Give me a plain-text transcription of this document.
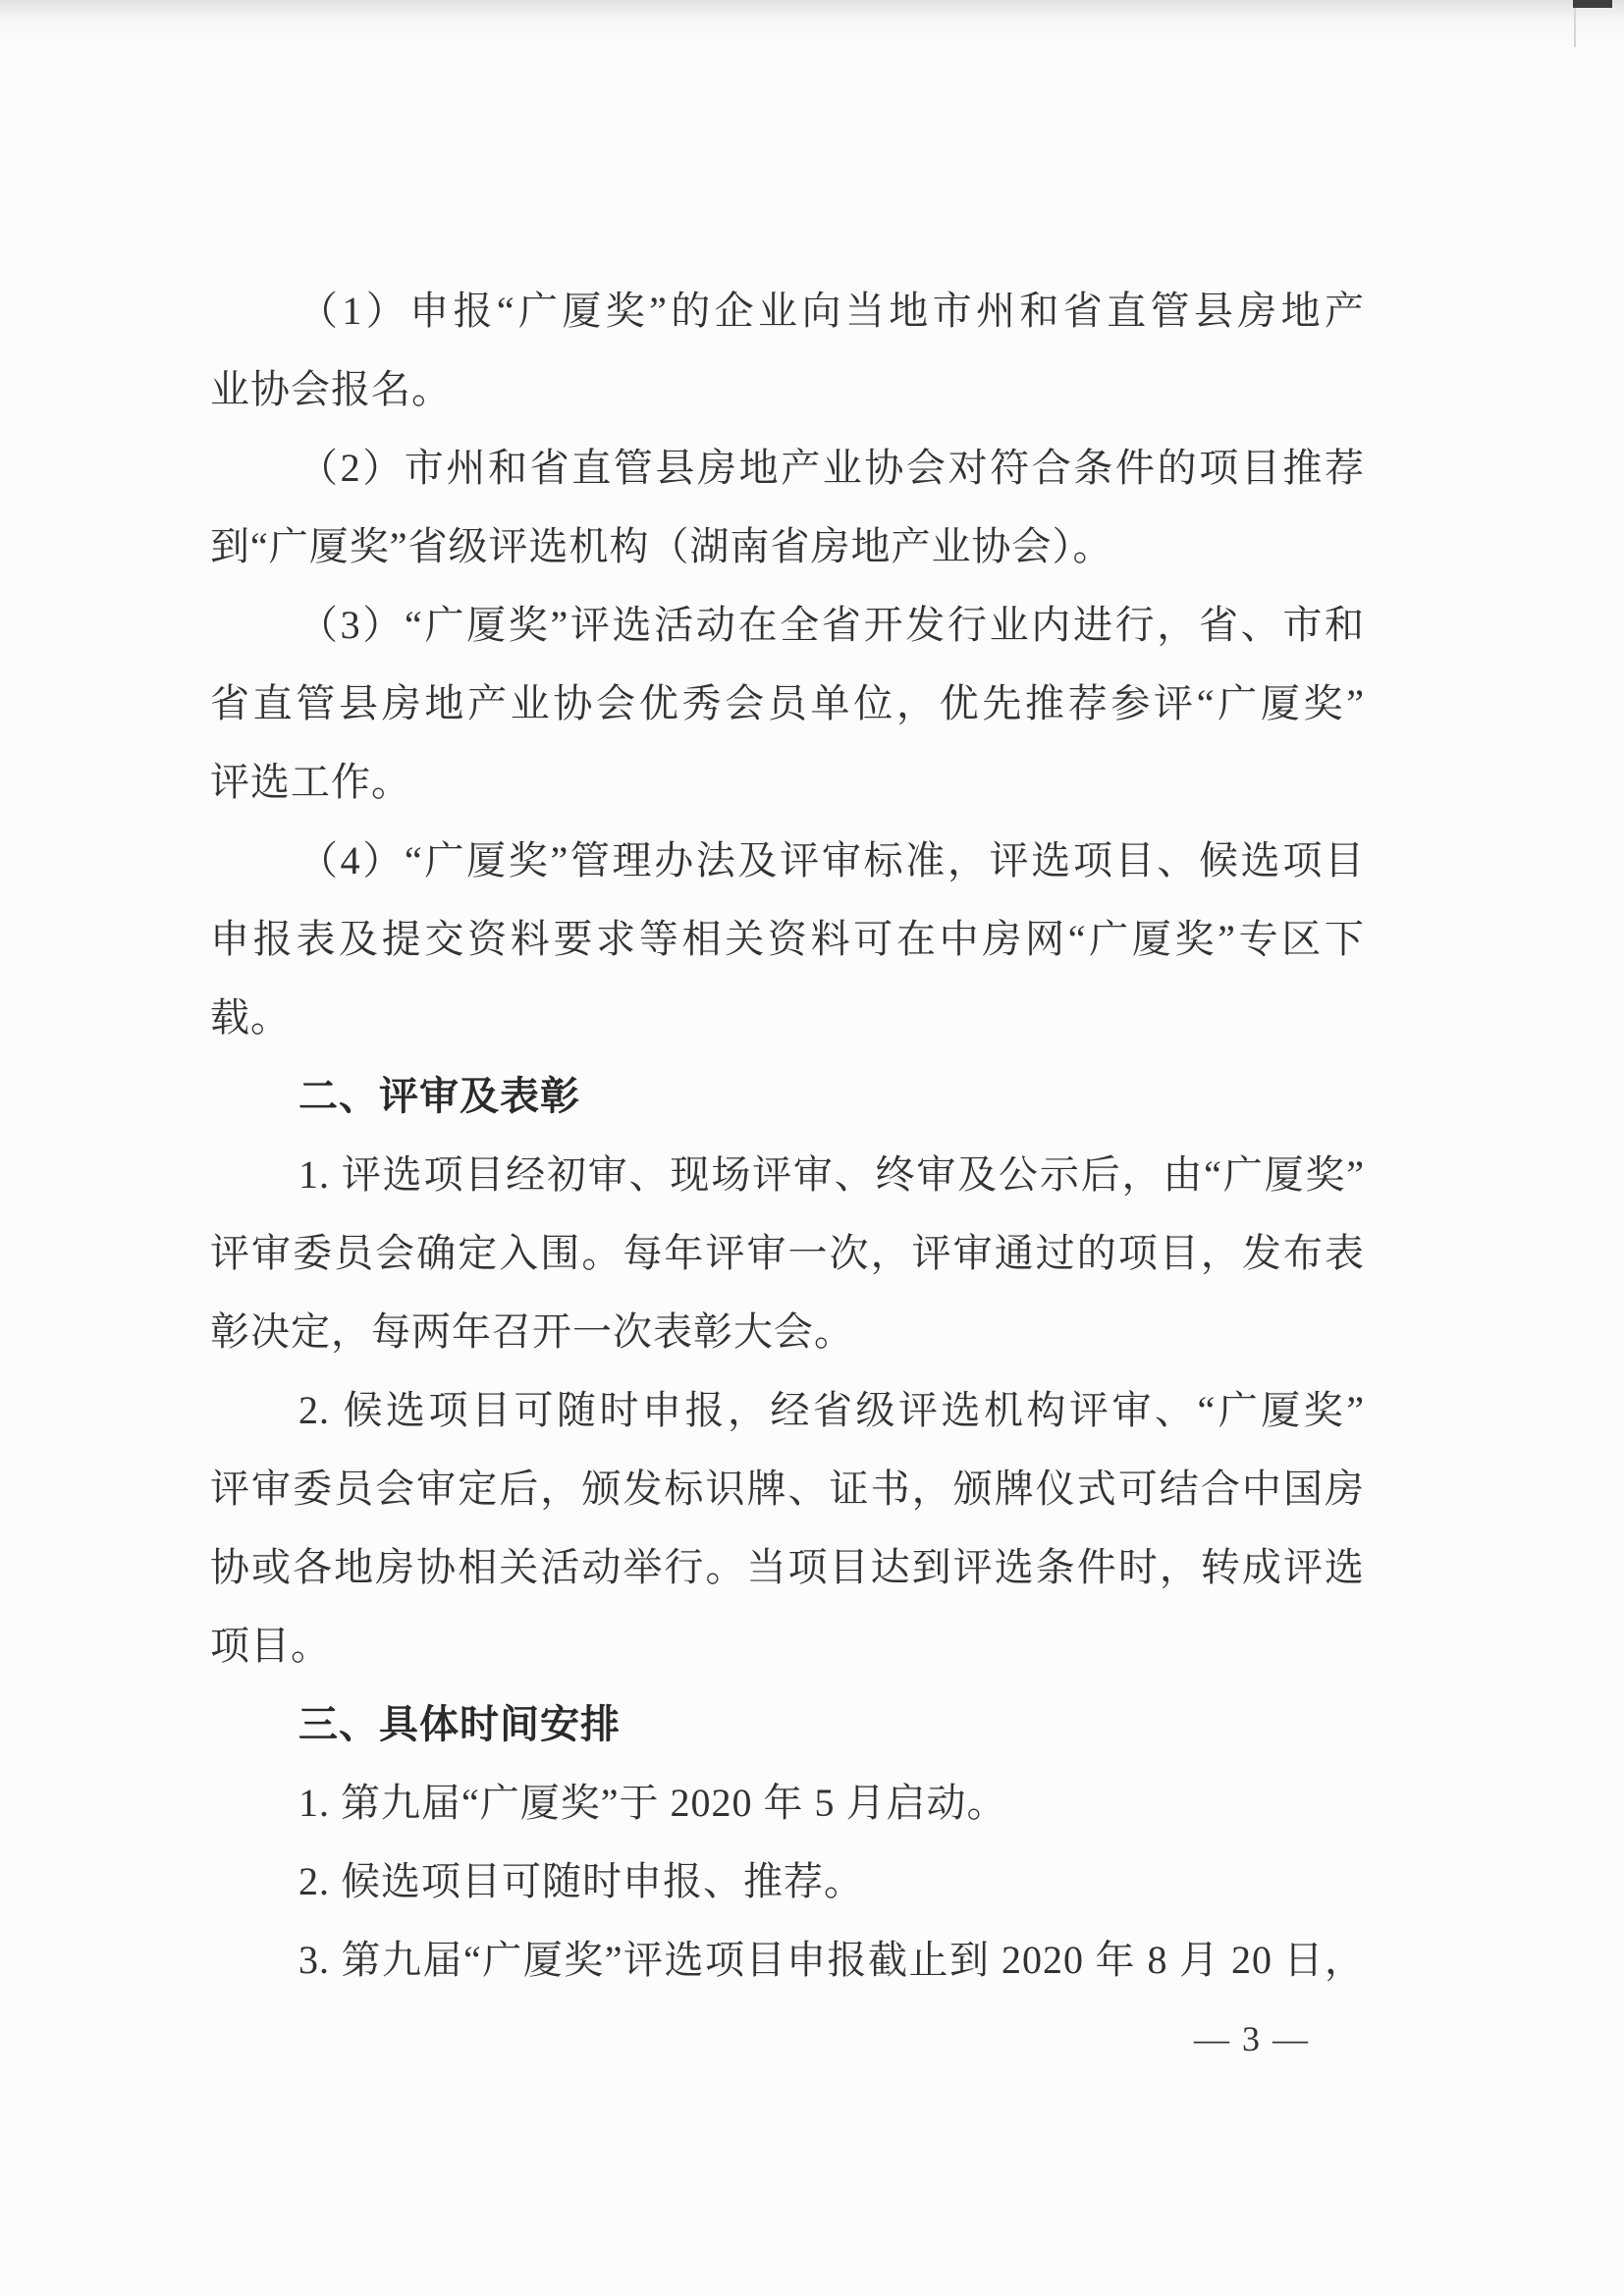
（1）申报“广厦奖”的企业向当地市州和省直管县房地产
业协会报名。
（2）市州和省直管县房地产业协会对符合条件的项目推荐
到“广厦奖”省级评选机构（湖南省房地产业协会）。
（3）“广厦奖”评选活动在全省开发行业内进行，省、市和
省直管县房地产业协会优秀会员单位，优先推荐参评“广厦奖”
评选工作。
（4）“广厦奖”管理办法及评审标准，评选项目、候选项目
申报表及提交资料要求等相关资料可在中房网“广厦奖”专区下
载。
二、评审及表彰
1. 评选项目经初审、现场评审、终审及公示后，由“广厦奖”
评审委员会确定入围。每年评审一次，评审通过的项目，发布表
彰决定，每两年召开一次表彰大会。
2. 候选项目可随时申报，经省级评选机构评审、“广厦奖”
评审委员会审定后，颁发标识牌、证书，颁牌仪式可结合中国房
协或各地房协相关活动举行。当项目达到评选条件时，转成评选
项目。
三、具体时间安排
1. 第九届“广厦奖”于 2020 年 5 月启动。
2. 候选项目可随时申报、推荐。
3. 第九届“广厦奖”评选项目申报截止到 2020 年 8 月 20 日，
— 3 —
